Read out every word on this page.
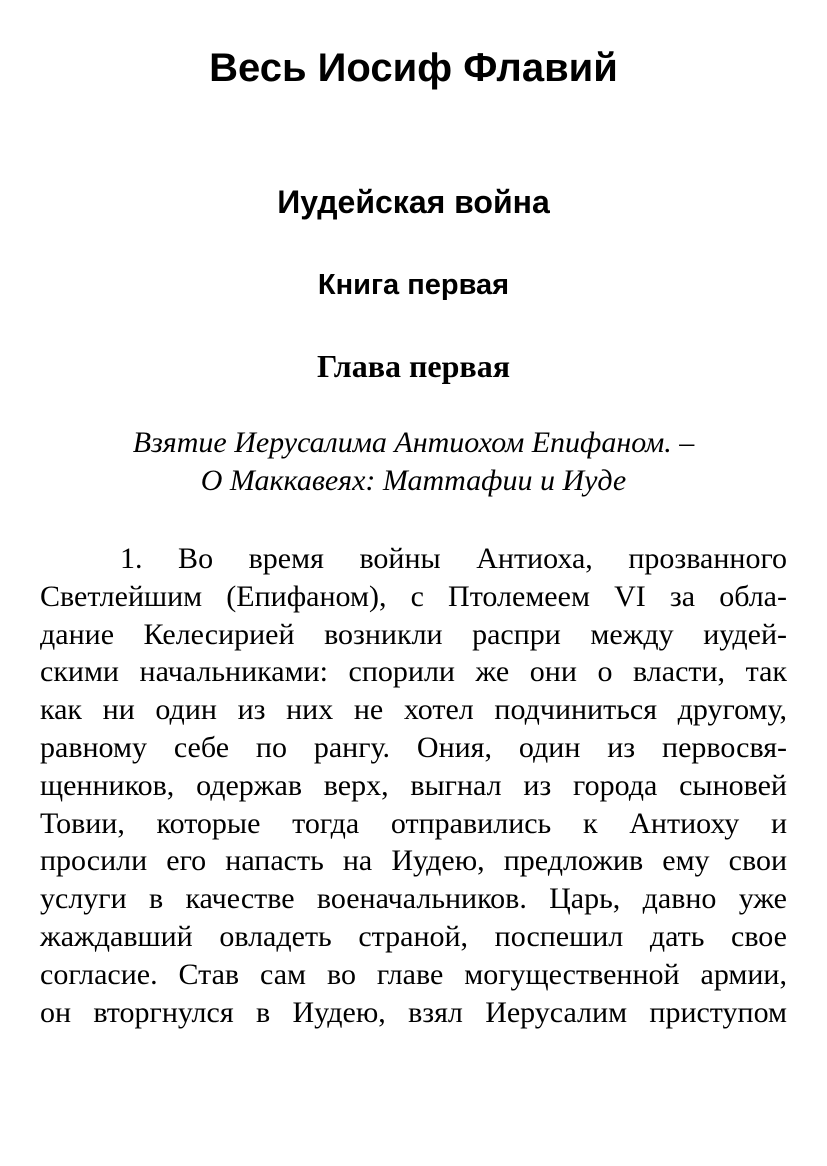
Весь Иосиф Флавий
Иудейская война
Книга первая
Глава первая
Взятие Иерусалима Антиохом Епифаном. –
О Маккавеях: Маттафии и Иуде
1. Во время войны Антиоха, прозванного
Светлейшим (Епифаном), с Птолемеем VI за обла-
дание Келесирией возникли распри между иудей-
скими начальниками: спорили же они о власти, так
как ни один из них не хотел подчиниться другому,
равному себе по рангу. Ония, один из первосвя-
щенников, одержав верх, выгнал из города сыновей
Товии, которые тогда отправились к Антиоху и
просили его напасть на Иудею, предложив ему свои
услуги в качестве военачальников. Царь, давно уже
жаждавший овладеть страной, поспешил дать свое
согласие. Став сам во главе могущественной армии,
он вторгнулся в Иудею, взял Иерусалим приступом
